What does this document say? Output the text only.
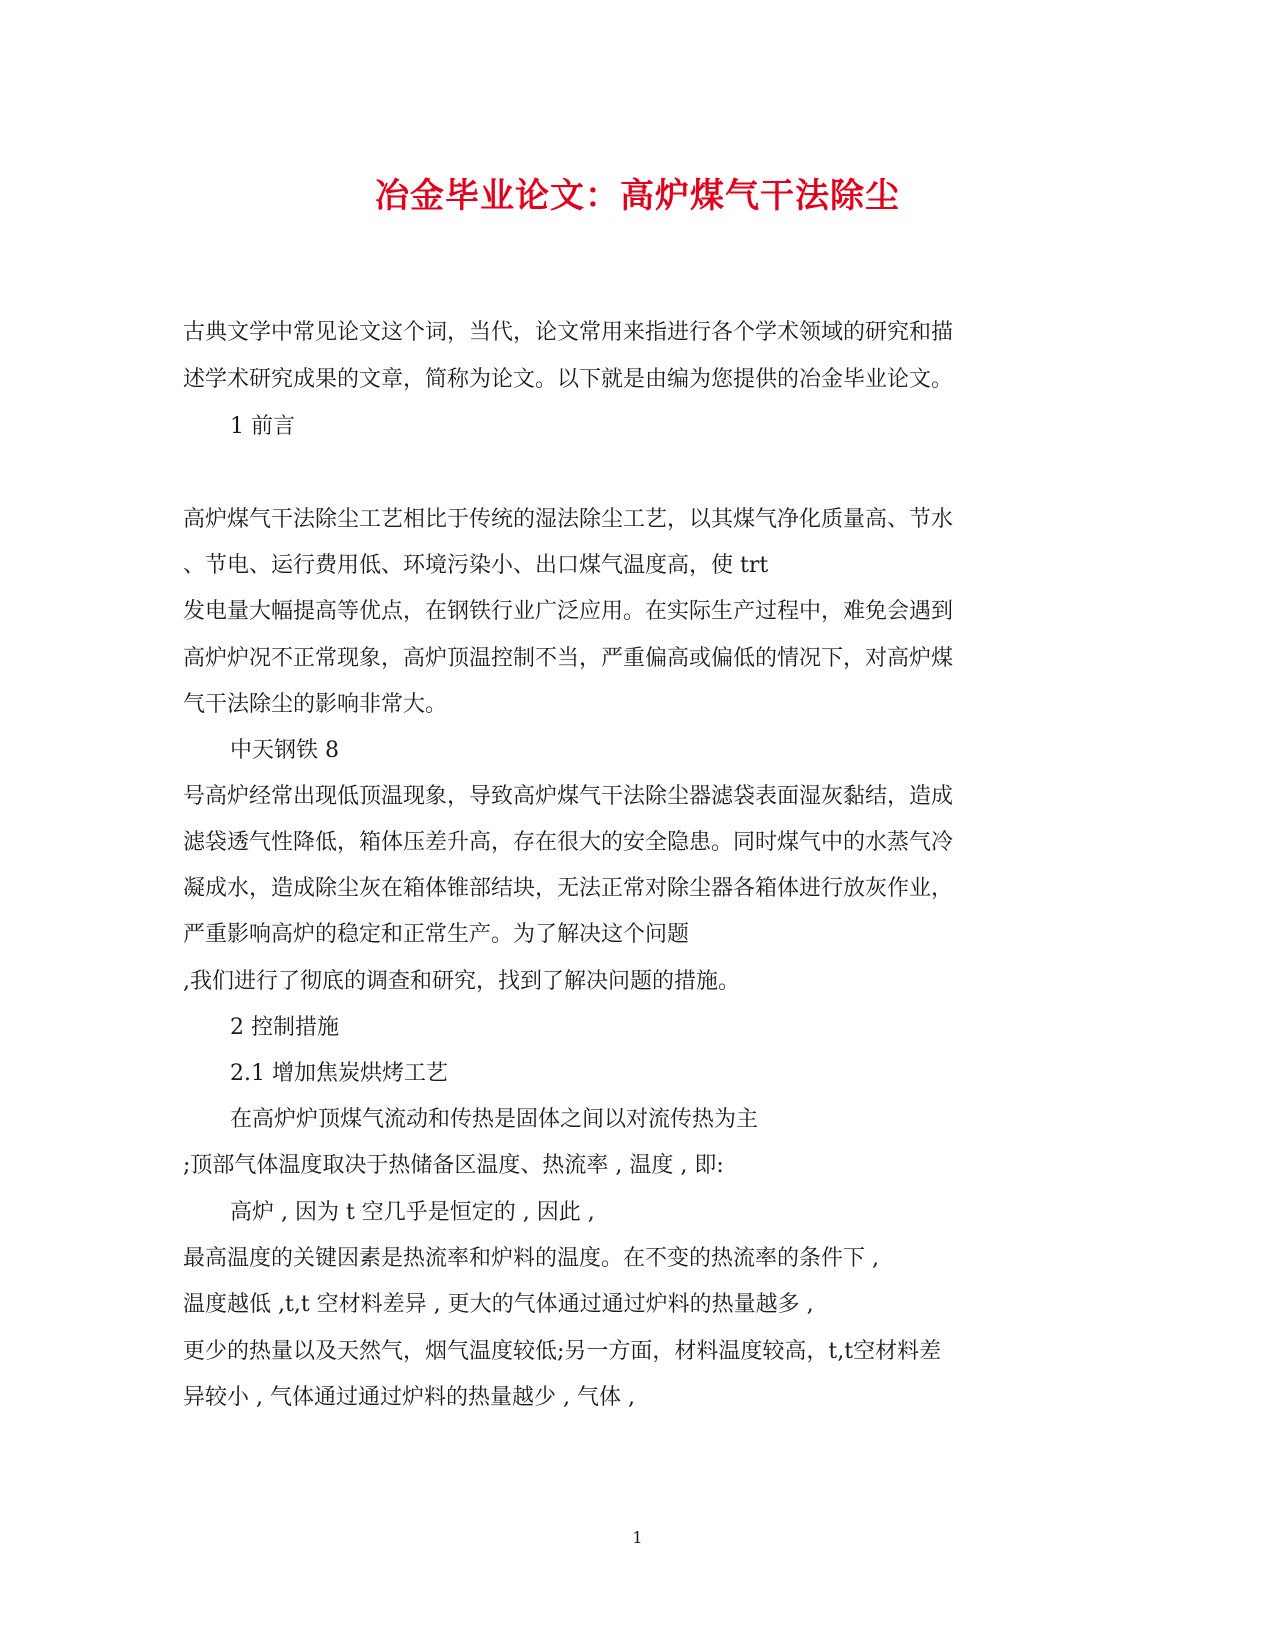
冶金毕业论文：高炉煤气干法除尘
古典文学中常见论文这个词，当代，论文常用来指进行各个学术领域的研究和描
述学术研究成果的文章，简称为论文。以下就是由编为您提供的冶金毕业论文。
1 前言
高炉煤气干法除尘工艺相比于传统的湿法除尘工艺，以其煤气净化质量高、节水
、节电、运行费用低、环境污染小、出口煤气温度高，使 trt
发电量大幅提高等优点，在钢铁行业广泛应用。在实际生产过程中，难免会遇到
高炉炉况不正常现象，高炉顶温控制不当，严重偏高或偏低的情况下，对高炉煤
气干法除尘的影响非常大。
中天钢铁 8
号高炉经常出现低顶温现象，导致高炉煤气干法除尘器滤袋表面湿灰黏结，造成
滤袋透气性降低，箱体压差升高，存在很大的安全隐患。同时煤气中的水蒸气冷
凝成水，造成除尘灰在箱体锥部结块，无法正常对除尘器各箱体进行放灰作业，
严重影响高炉的稳定和正常生产。为了解决这个问题
,我们进行了彻底的调查和研究，找到了解决问题的措施。
2 控制措施
2.1 增加焦炭烘烤工艺
在高炉炉顶煤气流动和传热是固体之间以对流传热为主
;顶部气体温度取决于热储备区温度、热流率 , 温度 , 即:
高炉 , 因为 t 空几乎是恒定的 , 因此 ,
最高温度的关键因素是热流率和炉料的温度。在不变的热流率的条件下 ,
温度越低 ,t,t 空材料差异 , 更大的气体通过通过炉料的热量越多 ,
更少的热量以及天然气，烟气温度较低;另一方面，材料温度较高，t,t空材料差
异较小 , 气体通过通过炉料的热量越少 , 气体 ,
1
